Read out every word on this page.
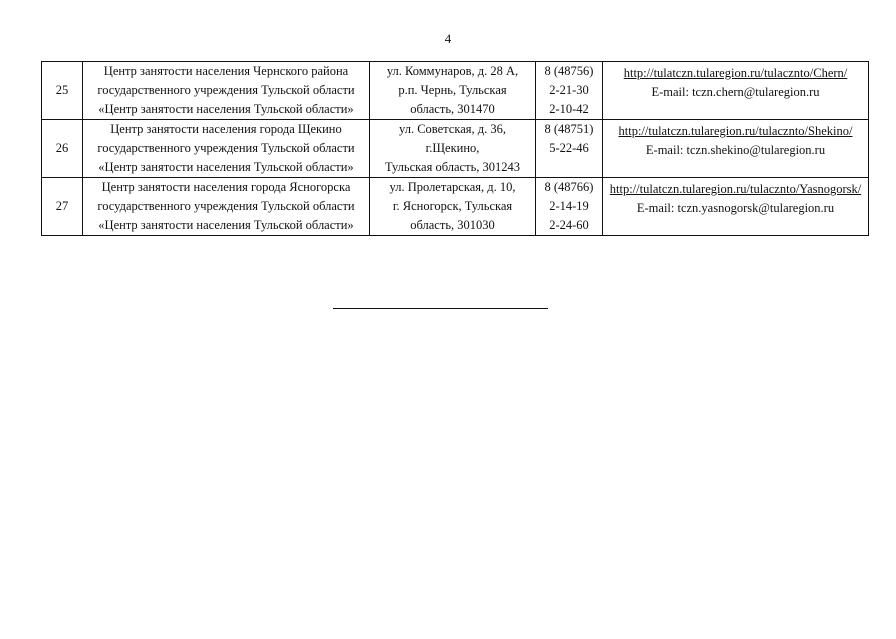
4
25	Центр занятости населения Чернского района
государственного учреждения Тульской области
«Центр занятости населения Тульской области»	ул. Коммунаров, д. 28 А,
р.п. Чернь, Тульская
область, 301470	8 (48756)
2-21-30
2-10-42	http://tulatczn.tularegion.ru/tulacznto/Chern/
E-mail: tczn.chern@tularegion.ru

26	Центр занятости населения города Щекино
государственного учреждения Тульской области
«Центр занятости населения Тульской области»	ул. Советская, д. 36,
г.Щекино,
Тульская область, 301243	8 (48751)
5-22-46	http://tulatczn.tularegion.ru/tulacznto/Shekino/
E-mail: tczn.shekino@tularegion.ru

27	Центр занятости населения города Ясногорска
государственного учреждения Тульской области
«Центр занятости населения Тульской области»	ул. Пролетарская, д. 10,
г. Ясногорск, Тульская
область, 301030	8 (48766)
2-14-19
2-24-60	http://tulatczn.tularegion.ru/tulacznto/Yasnogorsk/
E-mail: tczn.yasnogorsk@tularegion.ru
